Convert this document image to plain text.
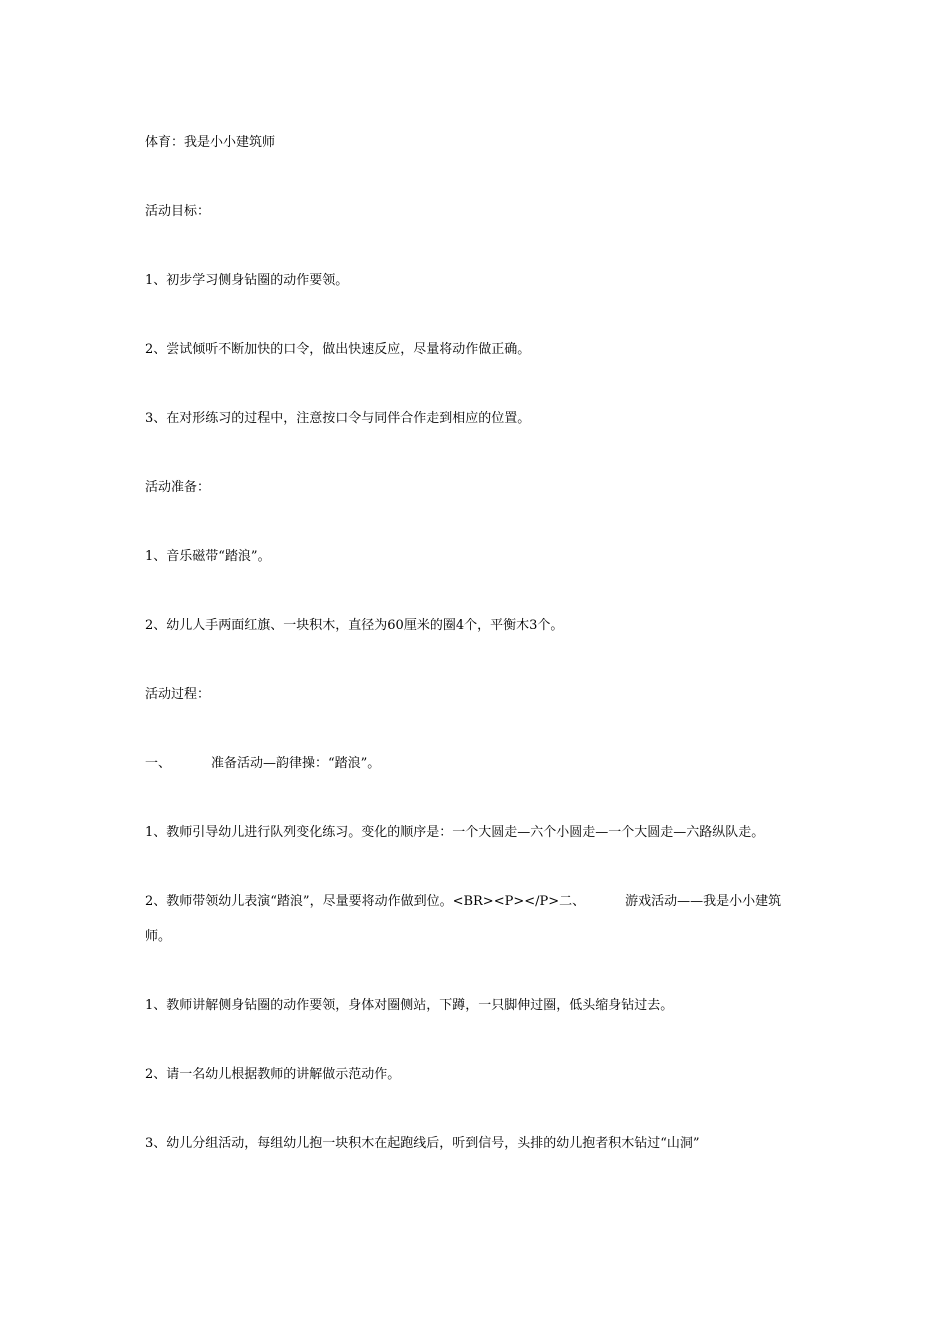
体育：我是小小建筑师

活动目标：

1、初步学习侧身钻圈的动作要领。

2、尝试倾听不断加快的口令，做出快速反应，尽量将动作做正确。

3、在对形练习的过程中，注意按口令与同伴合作走到相应的位置。

活动准备：

1、音乐磁带“踏浪”。

2、幼儿人手两面红旗、一块积木，直径为60厘米的圈4个，平衡木3个。

活动过程：

一、	准备活动—韵律操：“踏浪”。

1、教师引导幼儿进行队列变化练习。变化的顺序是：一个大圆走—六个小圆走—一个大圆走—六路纵队走。

2、教师带领幼儿表演“踏浪”，尽量要将动作做到位。<BR><P></P>二、	游戏活动——我是小小建筑师。

1、教师讲解侧身钻圈的动作要领，身体对圈侧站，下蹲，一只脚伸过圈，低头缩身钻过去。

2、请一名幼儿根据教师的讲解做示范动作。

3、幼儿分组活动，每组幼儿抱一块积木在起跑线后，听到信号，头排的幼儿抱者积木钻过“山洞”
